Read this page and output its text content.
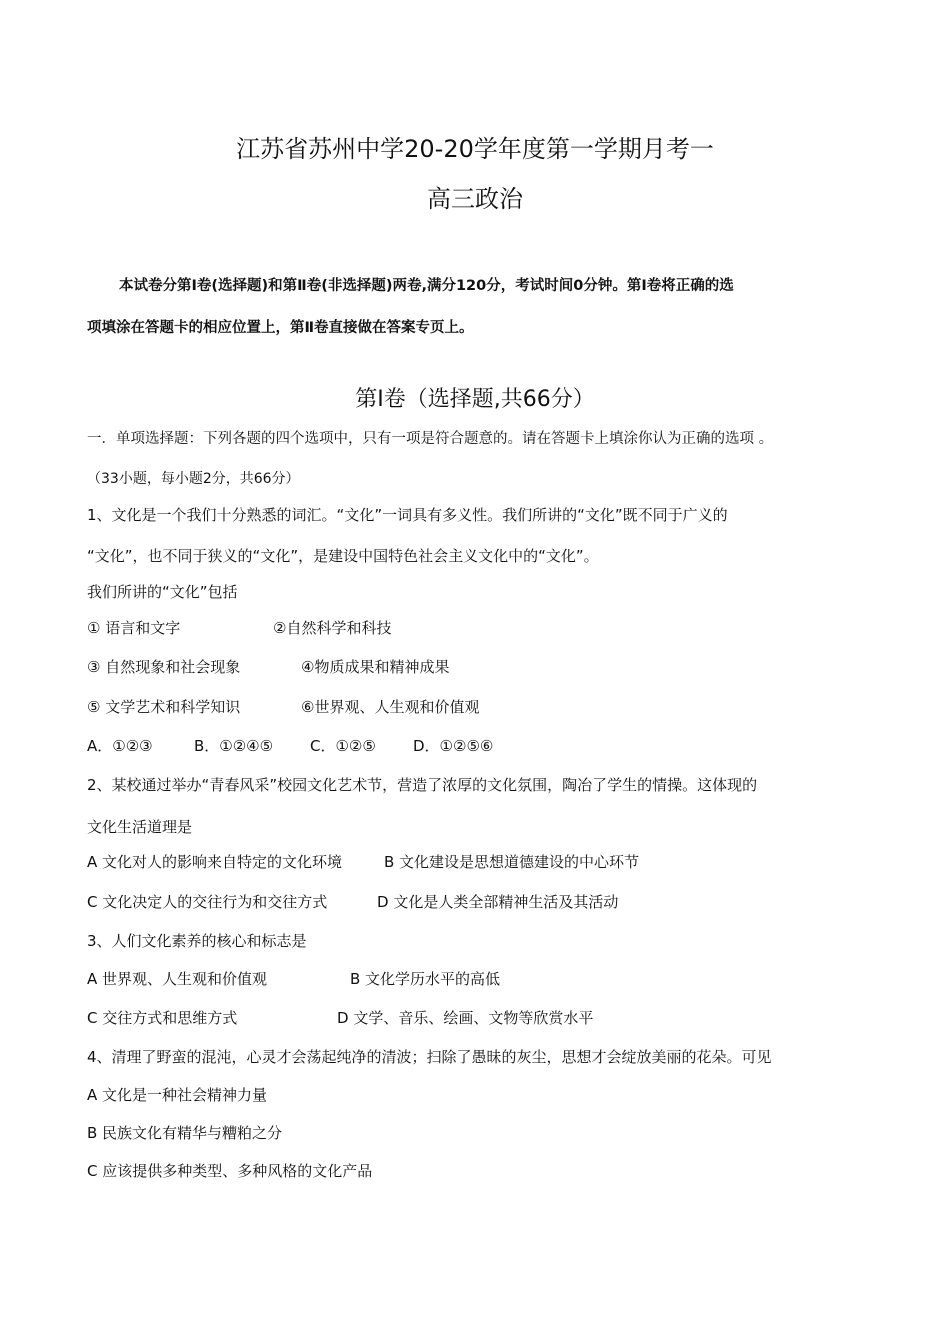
江苏省苏州中学20-20学年度第一学期月考一
高三政治
本试卷分第Ⅰ卷(选择题)和第Ⅱ卷(非选择题)两卷,满分120分，考试时间0分钟。第Ⅰ卷将正确的选
项填涂在答题卡的相应位置上，第Ⅱ卷直接做在答案专页上。
第Ⅰ卷（选择题,共66分）
一．单项选择题：下列各题的四个选项中，只有一项是符合题意的。请在答题卡上填涂你认为正确的选项 。
（33小题，每小题2分，共66分）
1、文化是一个我们十分熟悉的词汇。“文化”一词具有多义性。我们所讲的“文化”既不同于广义的
“文化”，也不同于狭义的“文化”，是建设中国特色社会主义文化中的“文化”。
我们所讲的“文化”包括
① 语言和文字	②自然科学和科技
③ 自然现象和社会现象	④物质成果和精神成果
⑤ 文学艺术和科学知识	⑥世界观、人生观和价值观
A．①②③	B．①②④⑤ C．①②⑤ D．①②⑤⑥
2、某校通过举办“青春风采”校园文化艺术节，营造了浓厚的文化氛围，陶冶了学生的情操。这体现的
文化生活道理是
A 文化对人的影响来自特定的文化环境	B 文化建设是思想道德建设的中心环节
C 文化决定人的交往行为和交往方式	D 文化是人类全部精神生活及其活动
3、人们文化素养的核心和标志是
A 世界观、人生观和价值观	B 文化学历水平的高低
C 交往方式和思维方式	D 文学、音乐、绘画、文物等欣赏水平
4、清理了野蛮的混沌，心灵才会荡起纯净的清波；扫除了愚昧的灰尘，思想才会绽放美丽的花朵。可见
A 文化是一种社会精神力量
B 民族文化有精华与糟粕之分
C 应该提供多种类型、多种风格的文化产品
